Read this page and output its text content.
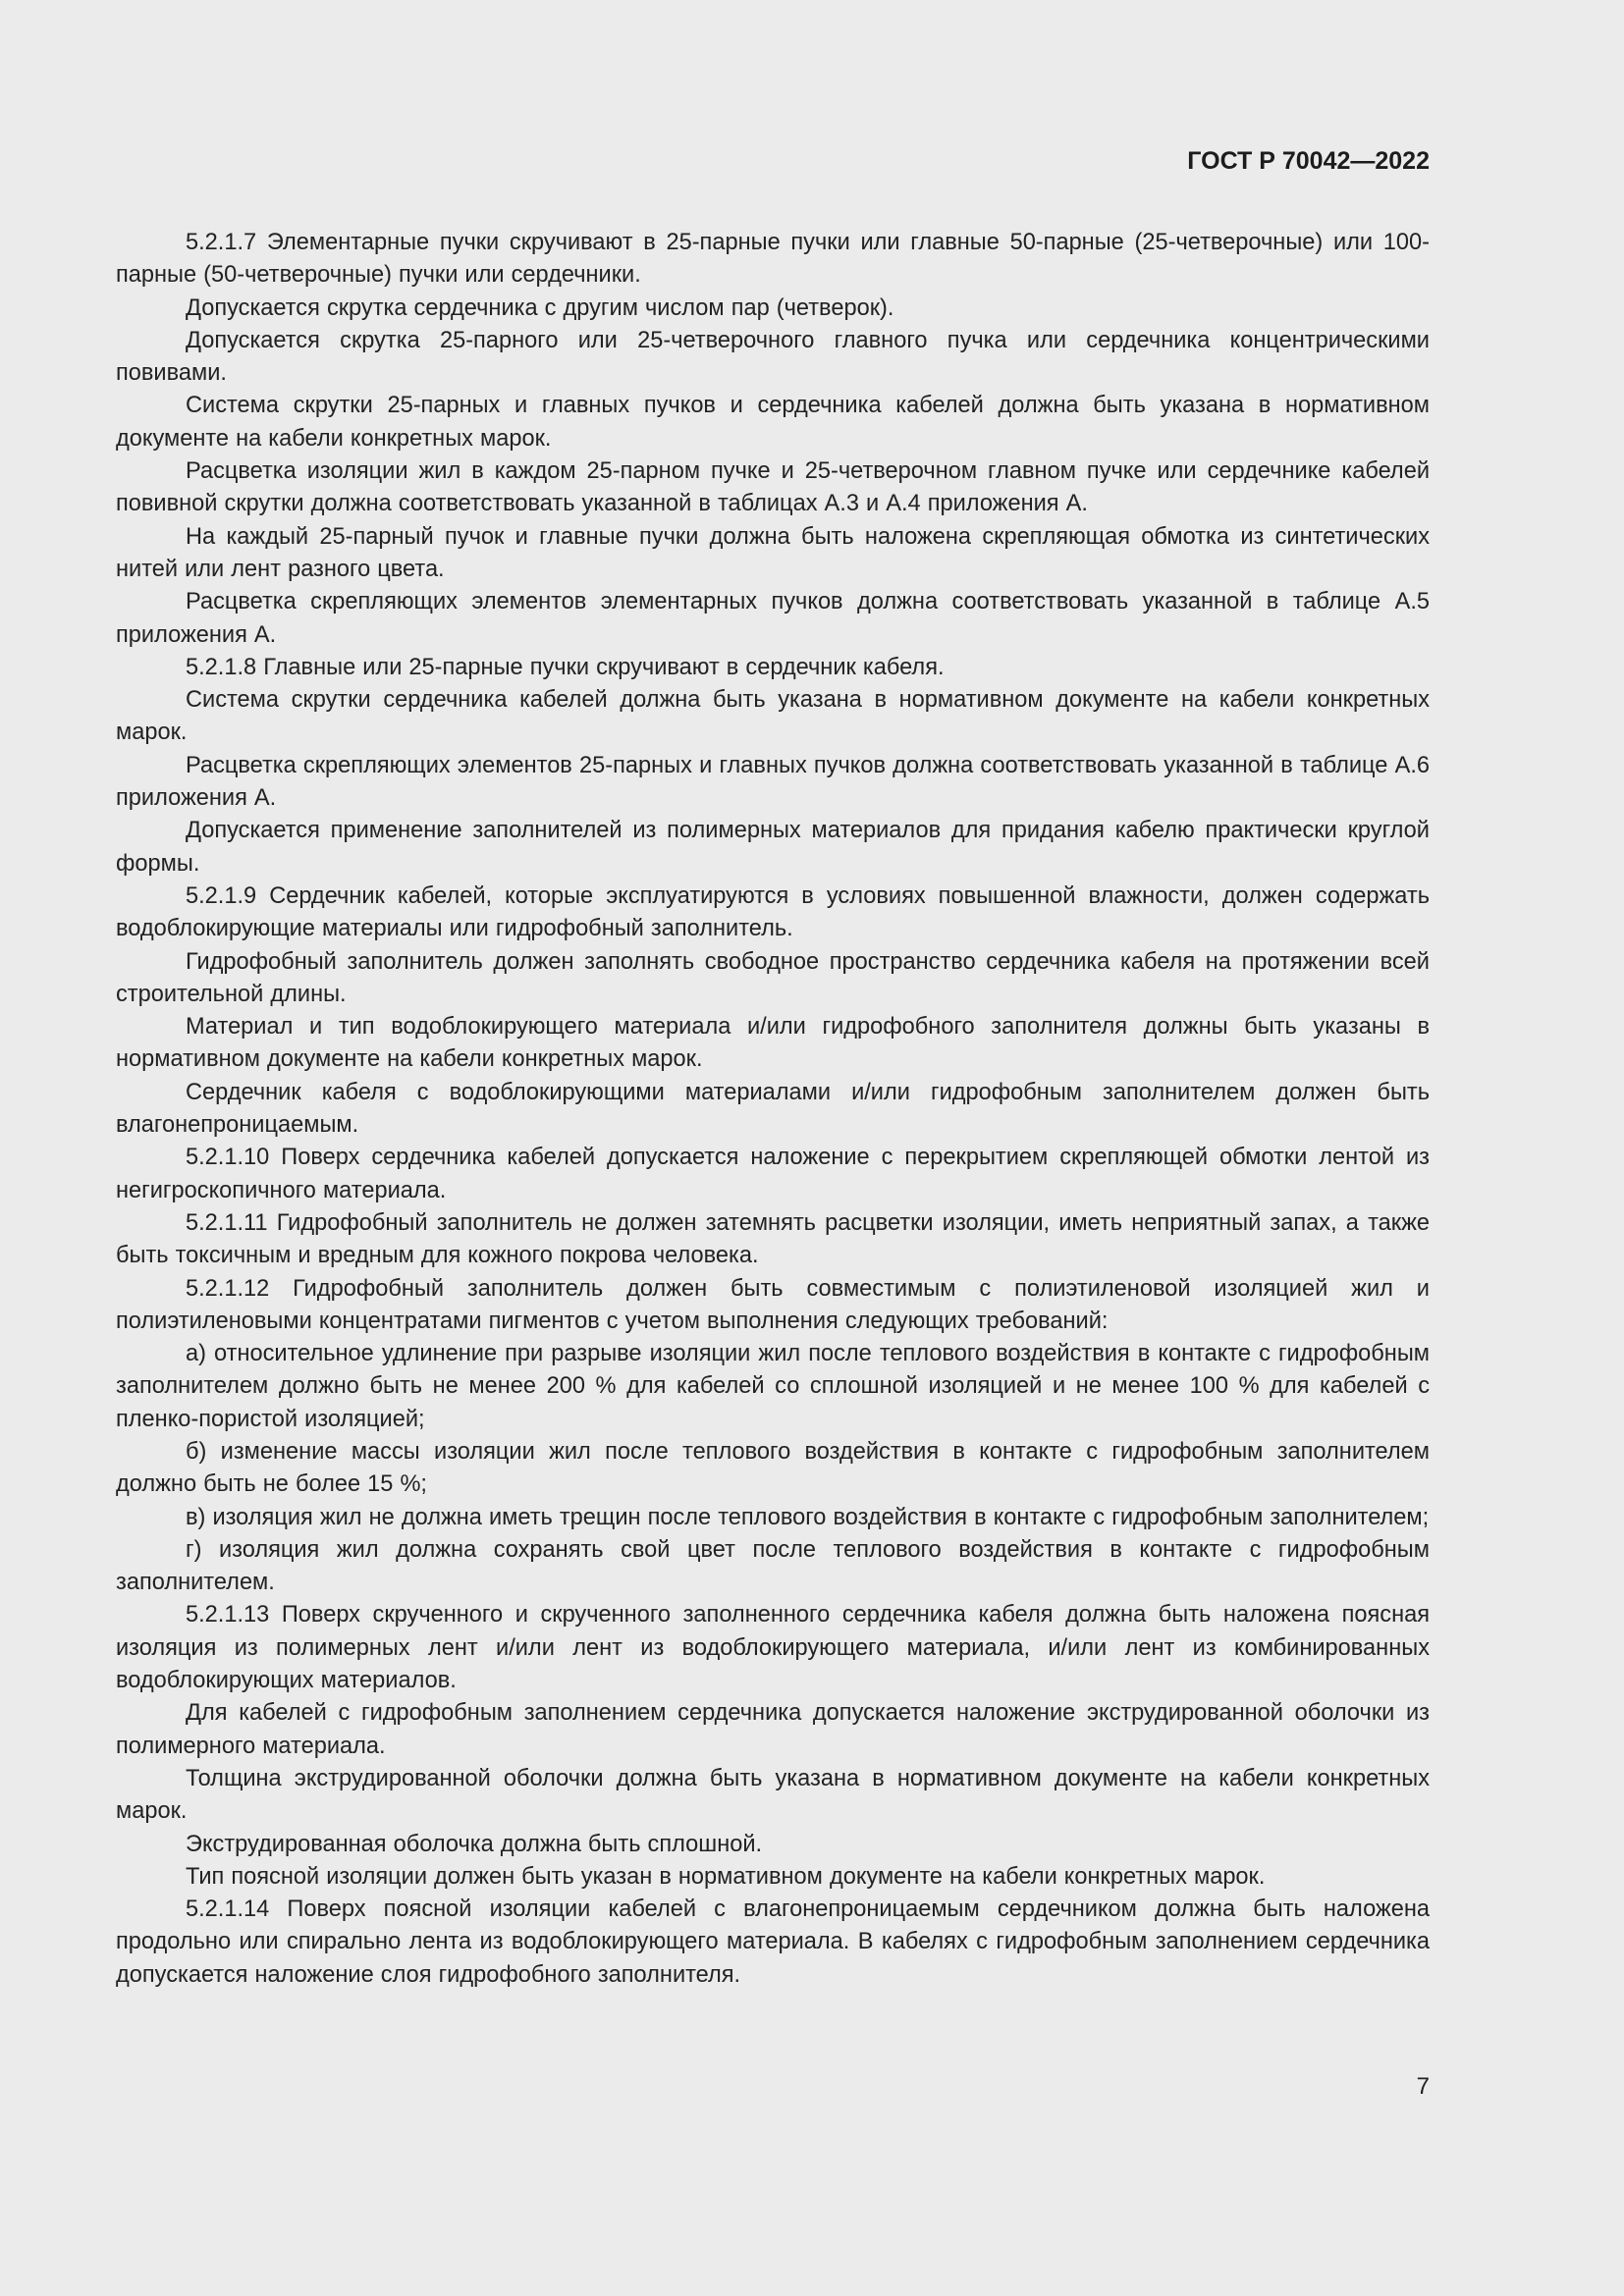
ГОСТ Р 70042—2022

5.2.1.7 Элементарные пучки скручивают в 25-парные пучки или главные 50-парные (25-четверочные) или 100-парные (50-четверочные) пучки или сердечники.

Допускается скрутка сердечника с другим числом пар (четверок).

Допускается скрутка 25-парного или 25-четверочного главного пучка или сердечника концентрическими повивами.

Система скрутки 25-парных и главных пучков и сердечника кабелей должна быть указана в нормативном документе на кабели конкретных марок.

Расцветка изоляции жил в каждом 25-парном пучке и 25-четверочном главном пучке или сердечнике кабелей повивной скрутки должна соответствовать указанной в таблицах А.3 и А.4 приложения А.

На каждый 25-парный пучок и главные пучки должна быть наложена скрепляющая обмотка из синтетических нитей или лент разного цвета.

Расцветка скрепляющих элементов элементарных пучков должна соответствовать указанной в таблице А.5 приложения А.

5.2.1.8 Главные или 25-парные пучки скручивают в сердечник кабеля.

Система скрутки сердечника кабелей должна быть указана в нормативном документе на кабели конкретных марок.

Расцветка скрепляющих элементов 25-парных и главных пучков должна соответствовать указанной в таблице А.6 приложения А.

Допускается применение заполнителей из полимерных материалов для придания кабелю практически круглой формы.

5.2.1.9 Сердечник кабелей, которые эксплуатируются в условиях повышенной влажности, должен содержать водоблокирующие материалы или гидрофобный заполнитель.

Гидрофобный заполнитель должен заполнять свободное пространство сердечника кабеля на протяжении всей строительной длины.

Материал и тип водоблокирующего материала и/или гидрофобного заполнителя должны быть указаны в нормативном документе на кабели конкретных марок.

Сердечник кабеля с водоблокирующими материалами и/или гидрофобным заполнителем должен быть влагонепроницаемым.

5.2.1.10 Поверх сердечника кабелей допускается наложение с перекрытием скрепляющей обмотки лентой из негигроскопичного материала.

5.2.1.11 Гидрофобный заполнитель не должен затемнять расцветки изоляции, иметь неприятный запах, а также быть токсичным и вредным для кожного покрова человека.

5.2.1.12 Гидрофобный заполнитель должен быть совместимым с полиэтиленовой изоляцией жил и полиэтиленовыми концентратами пигментов с учетом выполнения следующих требований:

а) относительное удлинение при разрыве изоляции жил после теплового воздействия в контакте с гидрофобным заполнителем должно быть не менее 200 % для кабелей со сплошной изоляцией и не менее 100 % для кабелей с пленко-пористой изоляцией;

б) изменение массы изоляции жил после теплового воздействия в контакте с гидрофобным заполнителем должно быть не более 15 %;

в) изоляция жил не должна иметь трещин после теплового воздействия в контакте с гидрофобным заполнителем;

г) изоляция жил должна сохранять свой цвет после теплового воздействия в контакте с гидрофобным заполнителем.

5.2.1.13 Поверх скрученного и скрученного заполненного сердечника кабеля должна быть наложена поясная изоляция из полимерных лент и/или лент из водоблокирующего материала, и/или лент из комбинированных водоблокирующих материалов.

Для кабелей с гидрофобным заполнением сердечника допускается наложение экструдированной оболочки из полимерного материала.

Толщина экструдированной оболочки должна быть указана в нормативном документе на кабели конкретных марок.

Экструдированная оболочка должна быть сплошной.

Тип поясной изоляции должен быть указан в нормативном документе на кабели конкретных марок.

5.2.1.14 Поверх поясной изоляции кабелей с влагонепроницаемым сердечником должна быть наложена продольно или спирально лента из водоблокирующего материала. В кабелях с гидрофобным заполнением сердечника допускается наложение слоя гидрофобного заполнителя.

7
